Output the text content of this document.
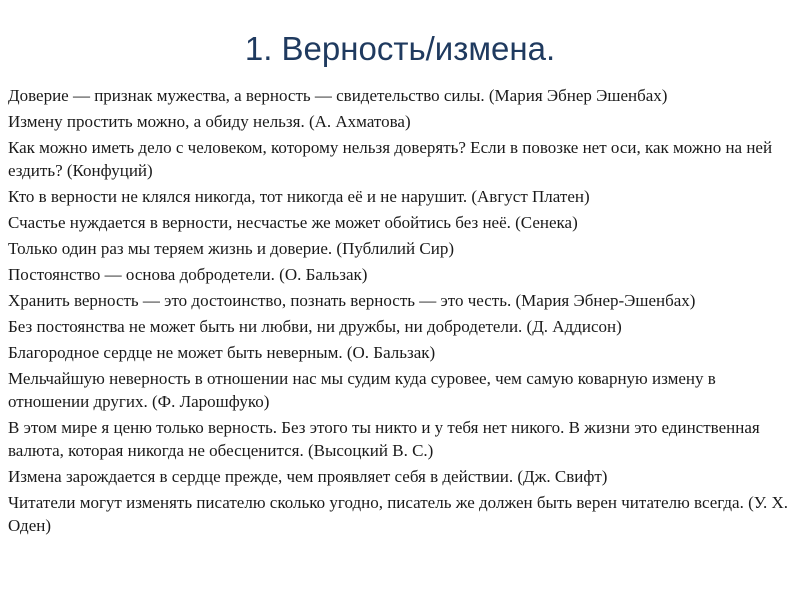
1. Верность/измена.
Доверие — признак мужества, а верность — свидетельство силы. (Мария Эбнер Эшенбах)
Измену простить можно, а обиду нельзя. (А. Ахматова)
Как можно иметь дело с человеком, которому нельзя доверять? Если в повозке нет оси, как можно на ней ездить? (Конфуций)
Кто в верности не клялся никогда, тот никогда её и не нарушит. (Август Платен)
Счастье нуждается в верности, несчастье же может обойтись без неё. (Сенека)
Только один раз мы теряем жизнь и доверие. (Публилий Сир)
Постоянство — основа добродетели. (О. Бальзак)
Хранить верность — это достоинство, познать верность — это честь. (Мария Эбнер-Эшенбах)
Без постоянства не может быть ни любви, ни дружбы, ни добродетели. (Д. Аддисон)
Благородное сердце не может быть неверным. (О. Бальзак)
Мельчайшую неверность в отношении нас мы судим куда суровее, чем самую коварную измену в отношении других. (Ф. Ларошфуко)
В этом мире я ценю только верность. Без этого ты никто и у тебя нет никого. В жизни это единственная валюта, которая никогда не обесценится. (Высоцкий В. С.)
Измена зарождается в сердце прежде, чем проявляет себя в действии. (Дж. Свифт)
Читатели могут изменять писателю сколько угодно, писатель же должен быть верен читателю всегда. (У. Х. Оден)
